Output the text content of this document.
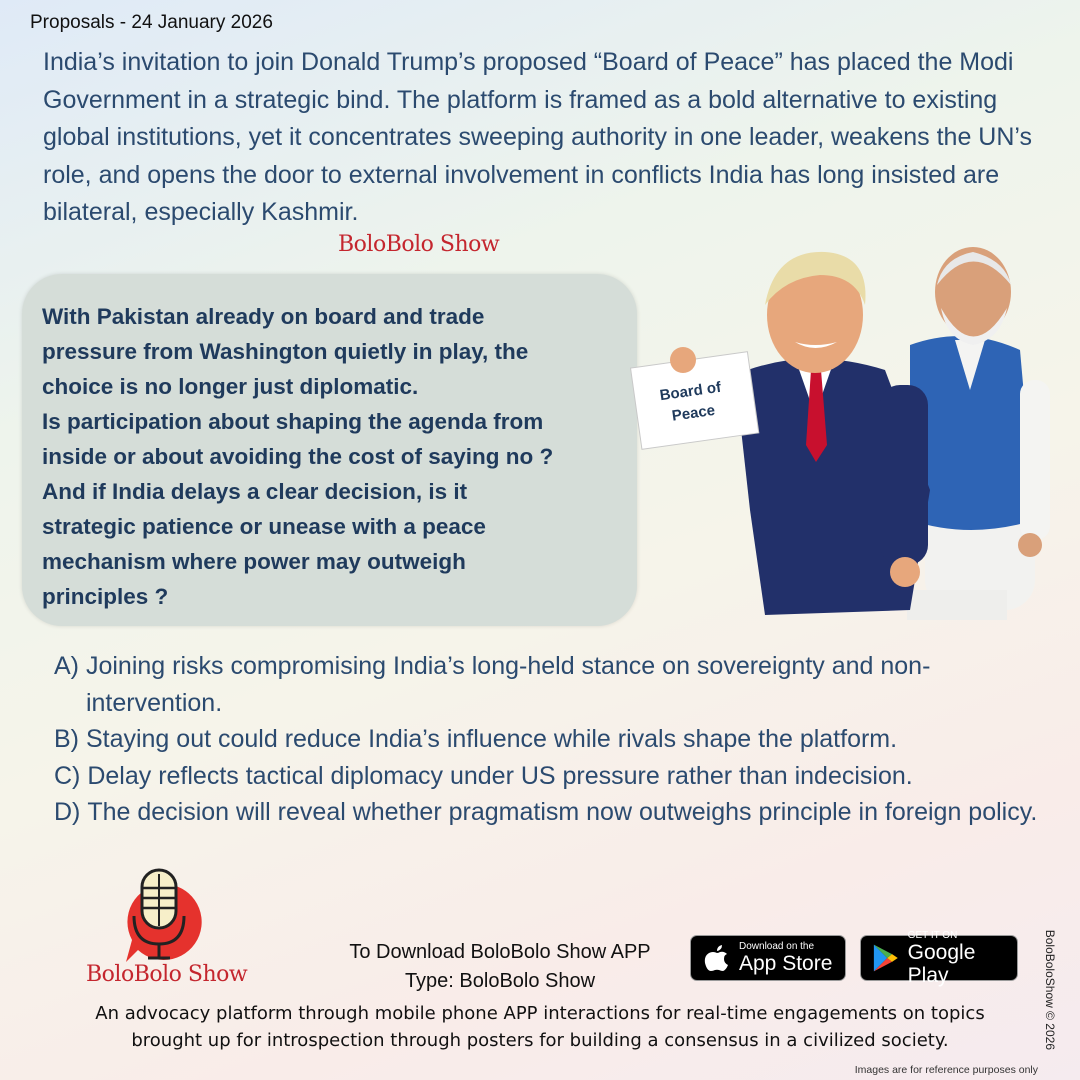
Proposals - 24 January 2026
India’s invitation to join Donald Trump’s proposed “Board of Peace” has placed the Modi Government in a strategic bind. The platform is framed as a bold alternative to existing global institutions, yet it concentrates sweeping authority in one leader, weakens the UN’s role, and opens the door to external involvement in conflicts India has long insisted are bilateral, especially Kashmir.
BoloBolo Show
With Pakistan already on board and trade
pressure from Washington quietly in play, the
choice is no longer just diplomatic.
Is participation about shaping the agenda from
inside or about avoiding the cost of saying no ?
And if India delays a clear decision, is it
strategic patience or unease with a peace
mechanism where power may outweigh
principles ?
Board of
Peace
A) Joining risks compromising India’s long-held stance on sovereignty and non-intervention.
B) Staying out could reduce India’s influence while rivals shape the platform.
C) Delay reflects tactical diplomacy under US pressure rather than indecision.
D) The decision will reveal whether pragmatism now outweighs principle in foreign policy.
BoloBolo Show
To Download BoloBolo Show APP
Type: BoloBolo Show
Download on the
App Store
GET IT ON
Google Play
An advocacy platform through mobile phone APP interactions for real-time engagements on topics
brought up for introspection through posters for building a consensus in a civilized society.	BoloBoloShow © 2026
Images are for reference purposes only
